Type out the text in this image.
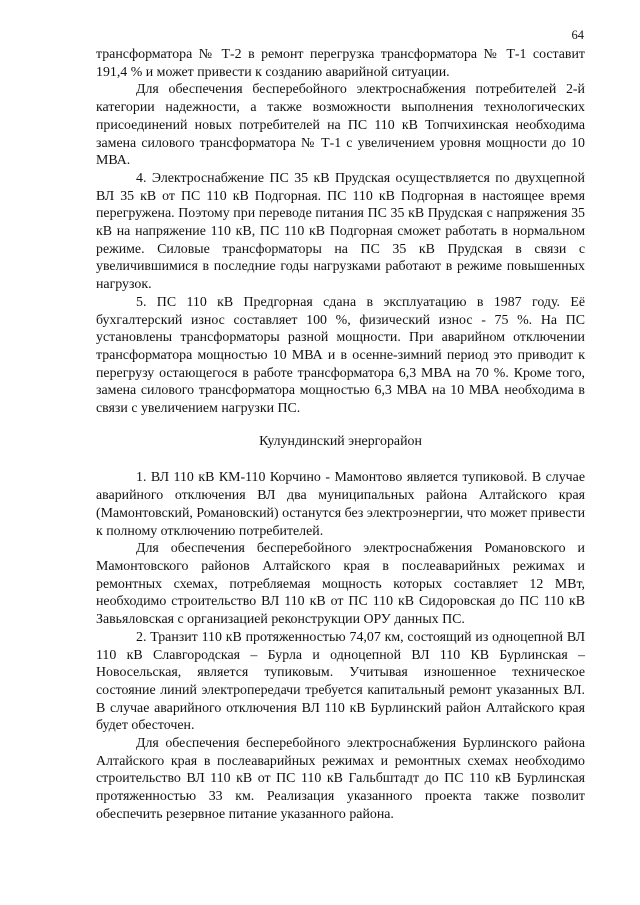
64

трансформатора № Т-2 в ремонт перегрузка трансформатора № Т-1 составит 191,4 % и может привести к созданию аварийной ситуации.

Для обеспечения бесперебойного электроснабжения потребителей 2-й категории надежности, а также возможности выполнения технологических присоединений новых потребителей на ПС 110 кВ Топчихинская необходима замена силового трансформатора № Т-1 с увеличением уровня мощности до 10 МВА.

4. Электроснабжение ПС 35 кВ Прудская осуществляется по двухцепной ВЛ 35 кВ от ПС 110 кВ Подгорная. ПС 110 кВ Подгорная в настоящее время перегружена. Поэтому при переводе питания ПС 35 кВ Прудская с напряжения 35 кВ на напряжение 110 кВ, ПС 110 кВ Подгорная сможет работать в нормальном режиме. Силовые трансформаторы на ПС 35 кВ Прудская в связи с увеличившимися в последние годы нагрузками работают в режиме повышенных нагрузок.

5. ПС 110 кВ Предгорная сдана в эксплуатацию в 1987 году. Её бухгалтерский износ составляет 100 %, физический износ - 75 %. На ПС установлены трансформаторы разной мощности. При аварийном отключении трансформатора мощностью 10 МВА и в осенне-зимний период это приводит к перегрузу остающегося в работе трансформатора 6,3 МВА на 70 %. Кроме того, замена силового трансформатора мощностью 6,3 МВА на 10 МВА необходима в связи с увеличением нагрузки ПС.

Кулундинский энергорайон

1. ВЛ 110 кВ КМ-110 Корчино - Мамонтово является тупиковой. В случае аварийного отключения ВЛ два муниципальных района Алтайского края (Мамонтовский, Романовский) останутся без электроэнергии, что может привести к полному отключению потребителей.

Для обеспечения бесперебойного электроснабжения Романовского и Мамонтовского районов Алтайского края в послеаварийных режимах и ремонтных схемах, потребляемая мощность которых составляет 12 МВт, необходимо строительство ВЛ 110 кВ от ПС 110 кВ Сидоровская до ПС 110 кВ Завьяловская с организацией реконструкции ОРУ данных ПС.

2. Транзит 110 кВ протяженностью 74,07 км, состоящий из одноцепной ВЛ 110 кВ Славгородская – Бурла и одноцепной ВЛ 110 КВ Бурлинская – Новосельская, является тупиковым. Учитывая изношенное техническое состояние линий электропередачи требуется капитальный ремонт указанных ВЛ. В случае аварийного отключения ВЛ 110 кВ Бурлинский район Алтайского края будет обесточен.

Для обеспечения бесперебойного электроснабжения Бурлинского района Алтайского края в послеаварийных режимах и ремонтных схемах необходимо строительство ВЛ 110 кВ от ПС 110 кВ Гальбштадт до ПС 110 кВ Бурлинская протяженностью 33 км. Реализация указанного проекта также позволит обеспечить резервное питание указанного района.
